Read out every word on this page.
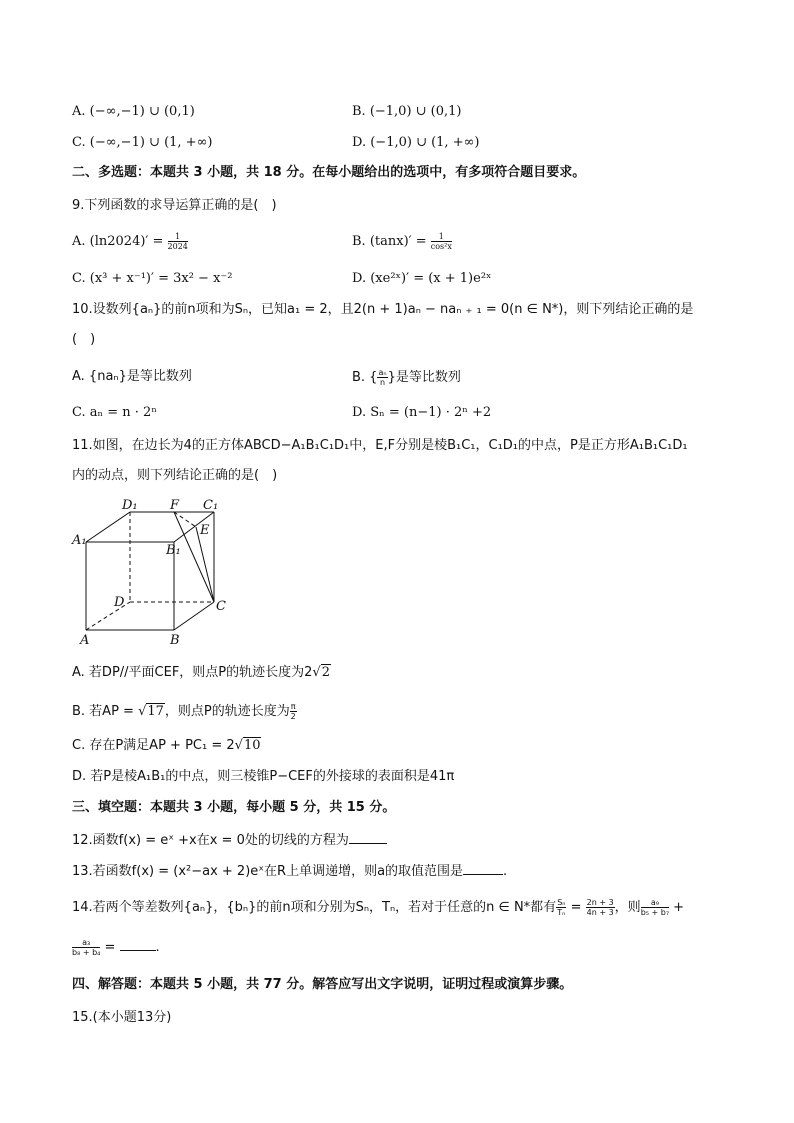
A. (−∞,−1) ∪ (0,1)	B. (−1,0) ∪ (0,1)
C. (−∞,−1) ∪ (1, +∞)	D. (−1,0) ∪ (1, +∞)
二、多选题：本题共 3 小题，共 18 分。在每小题给出的选项中，有多项符合题目要求。
9.下列函数的求导运算正确的是(　)
A. $(\ln 2024)' = \frac{1}{2024}$	B. $(\tan x)' = \frac{1}{\text{cos²x}}$
C. (x³ + x⁻¹)′ = 3x² − x⁻²	D. (xe²ˣ)′ = (x + 1)e²ˣ
10.设数列{aₙ}的前n项和为Sₙ，已知a₁ = 2，且2(n + 1)aₙ − naₙ ₊ ₁ = 0(n ∈ N*)，则下列结论正确的是
(　)
A. {naₙ}是等比数列	B. { $\frac{\text{aₙ}}{n}$ }是等比数列
C. aₙ = n · 2ⁿ	D. Sₙ = (n−1) · 2ⁿ +2
11.如图，在边长为4的正方体ABCD−A₁B₁C₁D₁中，E,F分别是棱B₁C₁，C₁D₁的中点，P是正方形A₁B₁C₁D₁
内的动点，则下列结论正确的是(　)
D₁ F C₁
A₁
B₁
E
D	C
A	B
A. 若DP//平面CEF，则点P的轨迹长度为2√2
B. 若AP = √17，则点P的轨迹长度为 $\frac{\pi}{2}$
C. 存在P满足AP + PC₁ = 2√10
D. 若P是棱A₁B₁的中点，则三棱锥P−CEF的外接球的表面积是41π
三、填空题：本题共 3 小题，每小题 5 分，共 15 分。
12.函数f(x) = eˣ +x在x = 0处的切线的方程为
13.若函数f(x) = (x²−ax + 2)eˣ在R上单调递增，则a的取值范围是	.
14.若两个等差数列{aₙ}，{bₙ}的前n项和分别为Sₙ，Tₙ，若对于任意的n ∈ N*都有 $\frac{\text{Sₙ}}{\text{Tₙ}} = \frac{2n + 3}{4n + 3}$ ，则 $\frac{\text{a₉}}{\text{b₅ + b₇}}$ +
$\frac{\text{a₃}}{\text{b₈ + b₄}}$ =	.
四、解答题：本题共 5 小题，共 77 分。解答应写出文字说明，证明过程或演算步骤。
15.(本小题13分)
